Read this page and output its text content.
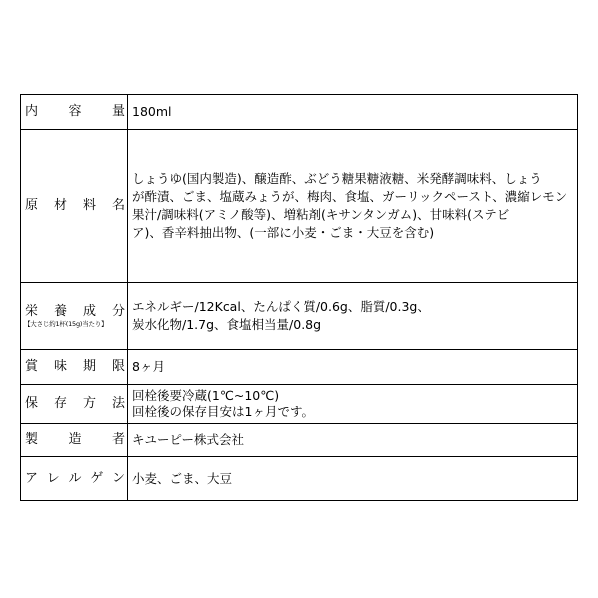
内 容 量	180ml

原 材 料 名	しょうゆ(国内製造)、醸造酢、ぶどう糖果糖液糖、米発酵調味料、しょう
が酢漬、ごま、塩蔵みょうが、梅肉、食塩、ガーリックペースト、濃縮レモン
果汁/調味料(アミノ酸等)、増粘剤(キサンタンガム)、甘味料(ステビ
ア)、香辛料抽出物、(一部に小麦・ごま・大豆を含む)

栄 養 成 分
【大さじ約1杯(15g)当たり】	エネルギー/12Kcal、たんぱく質/0.6g、脂質/0.3g、
炭水化物/1.7g、食塩相当量/0.8g

賞 味 期 限	8ヶ月

保 存 方 法	回栓後要冷蔵(1℃~10℃)
回栓後の保存目安は1ヶ月です。

製 造 者	キユーピー株式会社

ア レ ル ゲ ン	小麦、ごま、大豆
